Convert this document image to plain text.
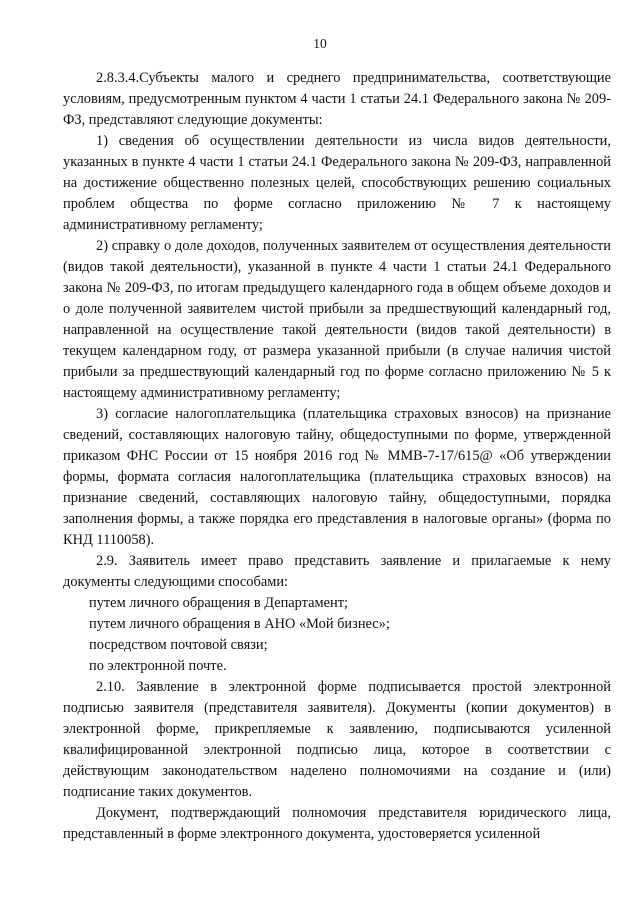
10

2.8.3.4.Субъекты малого и среднего предпринимательства, соответствующие условиям, предусмотренным пунктом 4 части 1 статьи 24.1 Федерального закона № 209-ФЗ, представляют следующие документы:

1) сведения об осуществлении деятельности из числа видов деятельности, указанных в пункте 4 части 1 статьи 24.1 Федерального закона № 209-ФЗ, направленной на достижение общественно полезных целей, способствующих решению социальных проблем общества по форме согласно приложению № 7 к настоящему административному регламенту;

2) справку о доле доходов, полученных заявителем от осуществления деятельности (видов такой деятельности), указанной в пункте 4 части 1 статьи 24.1 Федерального закона № 209-ФЗ, по итогам предыдущего календарного года в общем объеме доходов и о доле полученной заявителем чистой прибыли за предшествующий календарный год, направленной на осуществление такой деятельности (видов такой деятельности) в текущем календарном году, от размера указанной прибыли (в случае наличия чистой прибыли за предшествующий календарный год по форме согласно приложению № 5 к настоящему административному регламенту;

3) согласие налогоплательщика (плательщика страховых взносов) на признание сведений, составляющих налоговую тайну, общедоступными по форме, утвержденной приказом ФНС России от 15 ноября 2016 год № ММВ-7-17/615@ «Об утверждении формы, формата согласия налогоплательщика (плательщика страховых взносов) на признание сведений, составляющих налоговую тайну, общедоступными, порядка заполнения формы, а также порядка его представления в налоговые органы» (форма по КНД 1110058).

2.9. Заявитель имеет право представить заявление и прилагаемые к нему документы следующими способами:

путем личного обращения в Департамент;

путем личного обращения в АНО «Мой бизнес»;

посредством почтовой связи;

по электронной почте.

2.10. Заявление в электронной форме подписывается простой электронной подписью заявителя (представителя заявителя). Документы (копии документов) в электронной форме, прикрепляемые к заявлению, подписываются усиленной квалифицированной электронной подписью лица, которое в соответствии с действующим законодательством наделено полномочиями на создание и (или) подписание таких документов.

Документ, подтверждающий полномочия представителя юридического лица, представленный в форме электронного документа, удостоверяется усиленной
